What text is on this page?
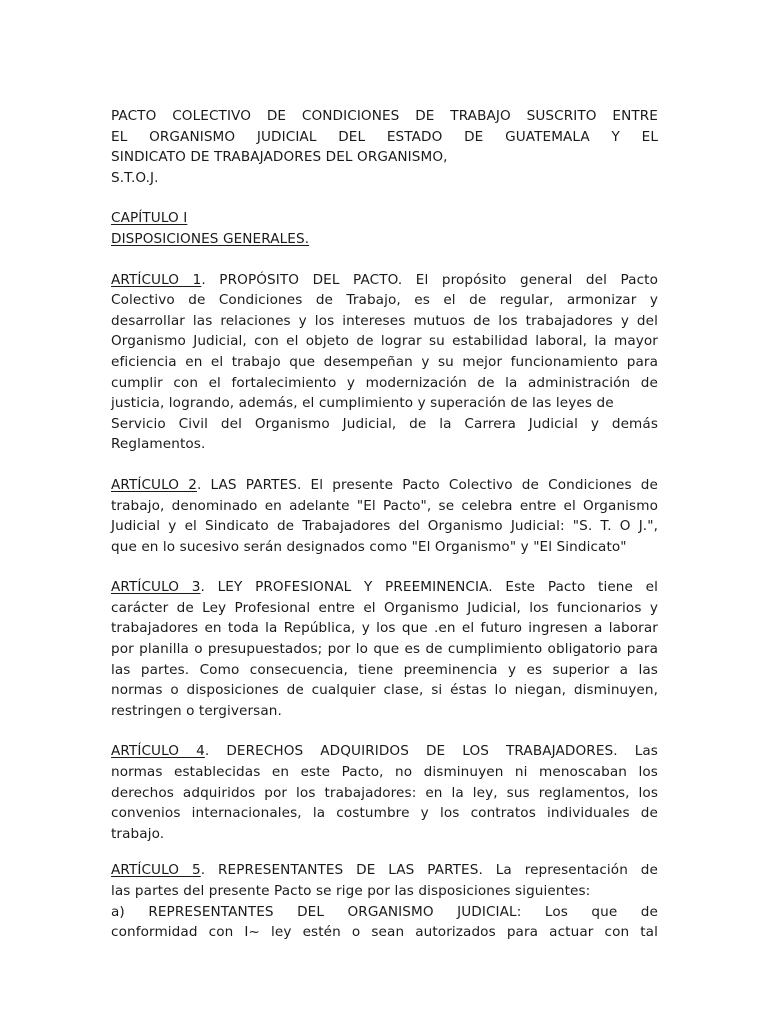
PACTO COLECTIVO DE CONDICIONES DE TRABAJO SUSCRITO ENTRE

EL ORGANISMO JUDICIAL DEL ESTADO DE GUATEMALA Y EL

SINDICATO DE TRABAJADORES DEL ORGANISMO,

S.T.O.J.

CAPÍTULO I

DISPOSICIONES GENERALES.

ARTÍCULO 1. PROPÓSITO DEL PACTO. El propósito general del Pacto
Colectivo de Condiciones de Trabajo, es el de regular, armonizar y
desarrollar las relaciones y los intereses mutuos de los trabajadores y del
Organismo Judicial, con el objeto de lograr su estabilidad laboral, la mayor
eficiencia en el trabajo que desempeñan y su mejor funcionamiento para
cumplir con el fortalecimiento y modernización de la administración de
justicia, logrando, además, el cumplimiento y superación de las leyes de
Servicio Civil del Organismo Judicial, de la Carrera Judicial y demás
Reglamentos.
ARTÍCULO 2. LAS PARTES. El presente Pacto Colectivo de Condiciones de
trabajo, denominado en adelante "El Pacto", se celebra entre el Organismo
Judicial y el Sindicato de Trabajadores del Organismo Judicial: "S. T. O J.",
que en lo sucesivo serán designados como "El Organismo" y "El Sindicato"
ARTÍCULO 3. LEY PROFESIONAL Y PREEMINENCIA. Este Pacto tiene el
carácter de Ley Profesional entre el Organismo Judicial, los funcionarios y
trabajadores en toda la República, y los que .en el futuro ingresen a laborar
por planilla o presupuestados; por lo que es de cumplimiento obligatorio para
las partes. Como consecuencia, tiene preeminencia y es superior a las
normas o disposiciones de cualquier clase, si éstas lo niegan, disminuyen,
restringen o tergiversan.
ARTÍCULO 4. DERECHOS ADQUIRIDOS DE LOS TRABAJADORES. Las
normas establecidas en este Pacto, no disminuyen ni menoscaban los
derechos adquiridos por los trabajadores: en la ley, sus reglamentos, los
convenios internacionales, la costumbre y los contratos individuales de
trabajo.
ARTÍCULO 5. REPRESENTANTES DE LAS PARTES. La representación de
las partes del presente Pacto se rige por las disposiciones siguientes:
a) REPRESENTANTES DEL ORGANISMO JUDICIAL: Los que de
conformidad con I~ ley estén o sean autorizados para actuar con tal
